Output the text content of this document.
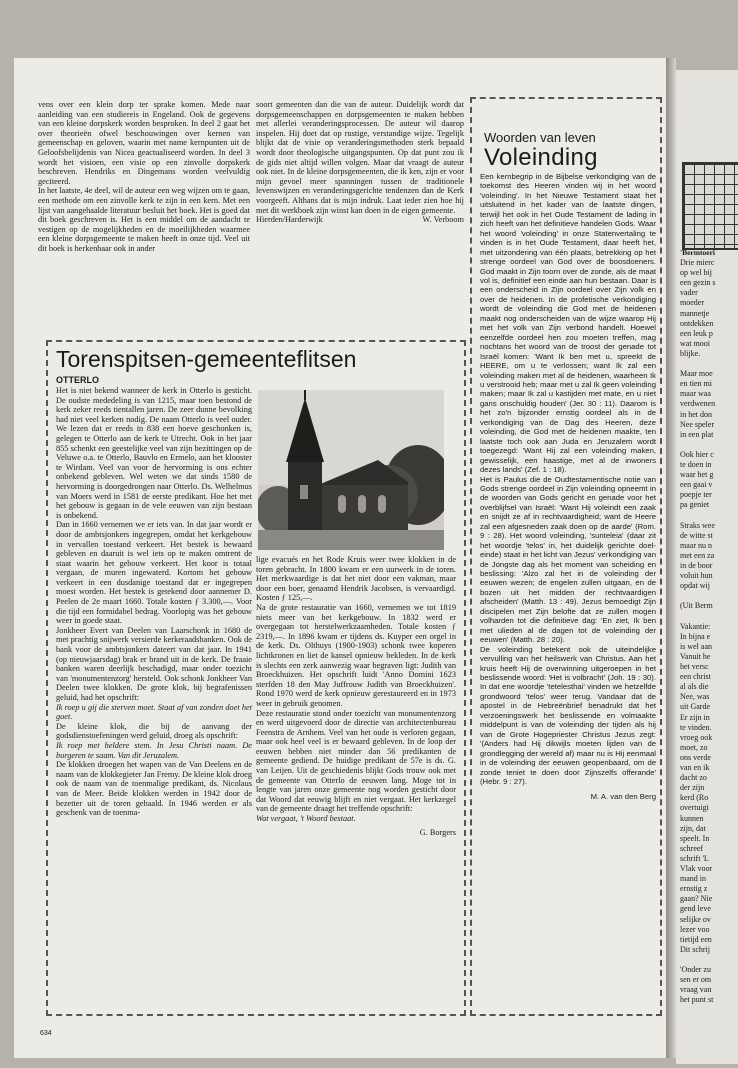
'Bermtoeri
Drie mierc
op wel bij
een gezin s
vader
moeder
mannetje
ontdekken
een leuk p
wat mooi
blijke.
Maar moe
en tien mi
maar waa
verdwenen
in het don
Nee speler
in een plat
Ook hier c
te doen in
waar het g
een gaai v
poepje ter
pa geniet
Straks wee
de witte st
maar nu n
met een za
in de boor
voluit hun
opdat wij
(Uit Berm
Vakantie:
In bijna e
is wel aan
Vanuit he
het versc
een christ
al als die
Nee, was
uit Garde
Er zijn in
te vinden.
vroeg ook
moet, zo
ons verde
van en ik
dacht zo
der zijn
kerd (Ro
overtuigi
kunnen
zijn, dat
speelt. In
schreef
schrift 'L
Vlak voor
mand in
ernstig z
gaan? Nie
gend leve
selijke ov
lezer voo
tietijd een
Dit schrij
'Onder zu
sen er om
vraag van
het punt st

vens over een klein dorp ter sprake komen. Mede naar aanleiding van een studiereis in Engeland. Ook de gegevens van een kleine dorpskerk worden besproken. In deel 2 gaat het over theorieën ofwel beschouwingen over kernen van gemeenschap en geloven, waarin met name kernpunten uit de Geloofsbelijdenis van Nicea geactualiseerd worden. In deel 3 wordt het visioen, een visie op een zinvolle dorpskerk beschreven. Hendriks en Dingemans worden veelvuldig geciteerd.

In het laatste, 4e deel, wil de auteur een weg wijzen om te gaan, een methode om een zinvolle kerk te zijn in een kern. Met een lijst van aangehaalde literatuur besluit het boek. Het is goed dat dit boek geschreven is. Het is een middel om de aandacht te vestigen op de mogelijkheden en de moeilijkheden waarmee een kleine dorpsgemeente te maken heeft in onze tijd. Veel uit dit boek is herkenbaar ook in ander

soort gemeenten dan die van de auteur. Duidelijk wordt dat dorpsgemeenschappen en dorpsgemeenten te maken hebben met allerlei veranderingsprocessen. De auteur wil daarop inspelen. Hij doet dat op rustige, verstandige wijze. Tegelijk blijkt dat de visie op veranderingsmethoden sterk bepaald wordt door theologische uitgangspunten. Op dat punt zou ik de gids niet altijd willen volgen. Maar dat vraagt de auteur ook niet. In de kleine dorpsgemeenten, die ik ken, zijn er voor mijn gevoel meer spanningen tussen de traditionele levenswijzen en veranderingsgerichte tendenzen dan de Kerk voorgeeft. Althans dat is mijn indruk. Laat ieder zien hoe hij met dit werkboek zijn winst kan doen in de eigen gemeente.

Hierden/Harderwijk	W. Verboom
Woorden van leven
Voleinding

Een kernbegrip in de Bijbelse verkondiging van de toekomst des Heeren vinden wij in het woord 'voleinding'. In het Nieuwe Testament staat het uitsluitend in het kader van de laatste dingen, terwijl het ook in het Oude Testament de lading in zich heeft van het definitieve handelen Gods. Waar het woord 'voleinding' in onze Statenvertaling te vinden is in het Oude Testament, daar heeft het, met uitzondering van één plaats, betrekking op het strenge oordeel van God over de boosdoeners. God maakt in Zijn toorn over de zonde, als de maat vol is, definitief een einde aan hun bestaan. Daar is een onderscheid in Zijn oordeel over Zijn volk en over de heidenen. In de profetische verkondiging wordt de voleinding die God met de heidenen maakt nog onderscheiden van de wijze waarop Hij met het volk van Zijn verbond handelt. Hoewel eenzelfde oordeel hen zou moeten treffen, mag nochtans het woord van de troost der genade tot Israël komen: 'Want Ik ben met u, spreekt de HEERE, om u te verlossen; want Ik zal een voleinding maken met al de heidenen, waarheen Ik u verstrooid heb; maar met u zal Ik geen voleinding maken; maar Ik zal u kastijden met mate, en u niet gans onschuldig houden' (Jer. 30 : 11). Daarom is het zo'n bijzonder ernstig oordeel als in de verkondiging van de Dag des Heeren, deze voleinding, die God met de heidenen maakte, ten laatste toch ook aan Juda en Jeruzalem wordt toegezegd: 'Want Hij zal een voleinding maken, gewisselijk, een haastige, met al de inwoners dezes lands' (Zef. 1 : 18).

Het is Paulus die de Oudtestamentische notie van Gods strenge oordeel in Zijn voleinding opneemt in de woorden van Gods gericht en genade voor het overblijfsel van Israël: 'Want Hij voleindt een zaak en snijdt ze af in rechtvaardigheid; want de Heere zal een afgesneden zaak doen op de aarde' (Rom. 9 : 28). Het woord voleinding, 'sunteleia' (daar zit het woordje 'telos' in, het duidelijk gerichte doel-einde) staat in het licht van Jezus' verkondiging van de Jongste dag als het moment van scheiding en beslissing: 'Alzo zal het in de voleinding der eeuwen wezen; de engelen zullen uitgaan, en de bozen uit het midden der rechtvaardigen afscheiden' (Matth. 13 : 49). Jezus bemoedigt Zijn discipelen met Zijn belofte dat ze zullen mogen volharden tot die definitieve dag: 'En ziet, Ik ben met ulieden al de dagen tot de voleinding der eeuwen' (Matth. 28 : 20).

De voleinding betekent ook de uiteindelijke vervulling van het heilswerk van Christus. Aan het kruis heeft Hij de overwinning uitgeroepen in het beslissende woord: 'Het is volbracht' (Joh. 19 : 30). In dat ene woordje 'tetelesthai' vinden we hetzelfde grondwoord 'telos' weer terug. Vandaar dat de apostel in de Hebreënbrief benadrukt dat het verzoeningswerk het beslissende en volmaakte middelpunt is van de voleinding der tijden als hij van de Grote Hogepriester Christus Jezus zegt: '(Anders had Hij dikwijls moeten lijden van de grondlegging der wereld af) maar nu is Hij eenmaal in de voleinding der eeuwen geopenbaard, om de zonde teniet te doen door Zijnszelfs offerande' (Hebr. 9 : 27).

M. A. van den Berg

Torenspitsen-gemeenteflitsen
OTTERLO

Het is niet bekend wanneer de kerk in Otterlo is gesticht. De oudste mededeling is van 1215, maar toen bestond de kerk zeker reeds tientallen jaren. De zeer dunne bevolking had niet veel kerken nodig. De naam Otterlo is veel ouder. We lezen dat er reeds in 838 een hoeve geschonken is, gelegen te Otterlo aan de kerk te Utrecht. Ook in het jaar 855 schenkt een geestelijke veel van zijn bezittingen op de Veluwe o.a. te Otterlo, Bauvlo en Ermelo, aan het klooster te Wirdam. Veel van voor de hervorming is ons echter onbekend gebleven. Wel weten we dat sinds 1580 de hervorming is doorgedrongen naar Otterlo. Ds. Welhelmus van Moers werd in 1581 de eerste predikant. Hoe het met het gebouw is gegaan in de vele eeuwen van zijn bestaan is onbekend.

Dan in 1660 vernemen we er iets van. In dat jaar wordt er door de ambtsjonkers ingegrepen, omdat het kerkgebouw in vervallen toestand verkeert. Het bestek is bewaard gebleven en daaruit is wel iets op te maken omtrent de staat waarin het gebouw verkeert. Het koor is totaal vergaan, de muren ingewaterd. Kortom het gebouw verkeert in een dusdanige toestand dat er ingegrepen moest worden. Het bestek is getekend door aannemer D. Peelen de 2e maart 1660. Totale kosten ƒ 3.300,—. Voor die tijd een formidabel bedrag. Voorlopig was het gebouw weer in goede staat.

Jonkheer Evert van Deelen van Laarschonk in 1680 de met prachtig snijwerk versierde kerkeraadsbanken. Ook de bank voor de ambtsjonkers dateert van dat jaar. In 1941 (op nieuwjaarsdag) brak er brand uit in de kerk. De fraaie banken waren deerlijk beschadigd, maar onder toezicht van 'monumentenzorg' hersteld. Ook schonk Jonkheer Van Deelen twee klokken. De grote klok, bij begrafenissen geluid, had het opschrift:

Ik roep u gij die sterven moet. Staat af van zonden doet het goet.

De kleine klok, die bij de aanvang der godsdienstoefeningen werd geluid, droeg als opschrift:

Ik roep met heldere stem. In Jesu Christi naam. De burgeren te saam. Van dit Jeruzalem.

De klokken droegen het wapen van de Van Deelens en de naam van de klokkegieter Jan Fremy. De kleine klok droeg ook de naam van de toenmalige predikant, ds. Nicolaus van de Meer. Beide klokken werden in 1942 door de bezetter uit de toren gehaald. In 1946 werden er als geschenk van de toenma-

lige evacués en het Rode Kruis weer twee klokken in de toren gebracht. In 1800 kwam er een uurwerk in de toren. Het merkwaardige is dat het niet door een vakman, maar door een boer, genaamd Hendrik Jacobsen, is vervaardigd. Kosten ƒ 125,—.

Na de grote restauratie van 1660, vernemen we tot 1819 niets meer van het kerkgebouw. In 1832 werd er overgegaan tot herstelwerkzaamheden. Totale kosten ƒ 2319,—. In 1896 kwam er tijdens ds. Kuyper een orgel in de kerk. Ds. Olthuys (1900-1903) schonk twee koperen lichtkronen en liet de kansel opnieuw bekleden. In de kerk is slechts een zerk aanwezig waar begraven ligt: Judith van Broeckhuizen. Het opschrift luidt 'Anno Domini 1623 sterfden 18 den May Juffrouw Judith van Broeckhuizen'. Rond 1970 werd de kerk opnieuw gerestaureerd en in 1973 weer in gebruik genomen.

Deze restauratie stond onder toezicht van monumentenzorg en werd uitgevoerd door de directie van architectenbureau Feenstra de Arnhem. Veel van het oude is verloren gegaan, maar ook heel veel is er bewaard gebleven. In de loop der eeuwen hebben niet minder dan 56 predikanten de gemeente gediend. De huidige predikant de 57e is ds. G. van Leijen. Uit de geschiedenis blijkt Gods trouw ook met de gemeente van Otterlo de eeuwen lang. Moge tot in lengte van jaren onze gemeente nog worden gesticht door dat Woord dat eeuwig blijft en niet vergaat. Het kerkzegel van de gemeente draagt het treffende opschrift:

Wat vergaat, 't Woord bestaat.

G. Borgers

634
